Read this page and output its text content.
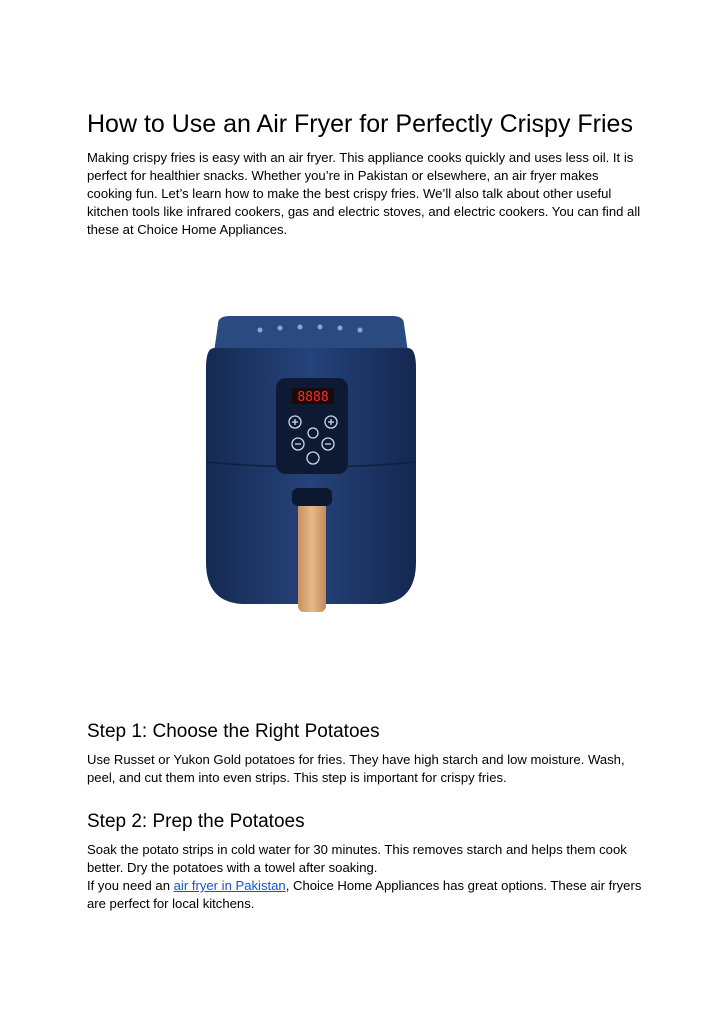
How to Use an Air Fryer for Perfectly Crispy Fries

Making crispy fries is easy with an air fryer. This appliance cooks quickly and uses less oil. It is perfect for healthier snacks. Whether you’re in Pakistan or elsewhere, an air fryer makes cooking fun. Let’s learn how to make the best crispy fries. We’ll also talk about other useful kitchen tools like infrared cookers, gas and electric stoves, and electric cookers. You can find all these at Choice Home Appliances.

Step 1: Choose the Right Potatoes

Use Russet or Yukon Gold potatoes for fries. They have high starch and low moisture. Wash, peel, and cut them into even strips. This step is important for crispy fries.

Step 2: Prep the Potatoes

Soak the potato strips in cold water for 30 minutes. This removes starch and helps them cook better. Dry the potatoes with a towel after soaking.

If you need an air fryer in Pakistan, Choice Home Appliances has great options. These air fryers are perfect for local kitchens.

8888
